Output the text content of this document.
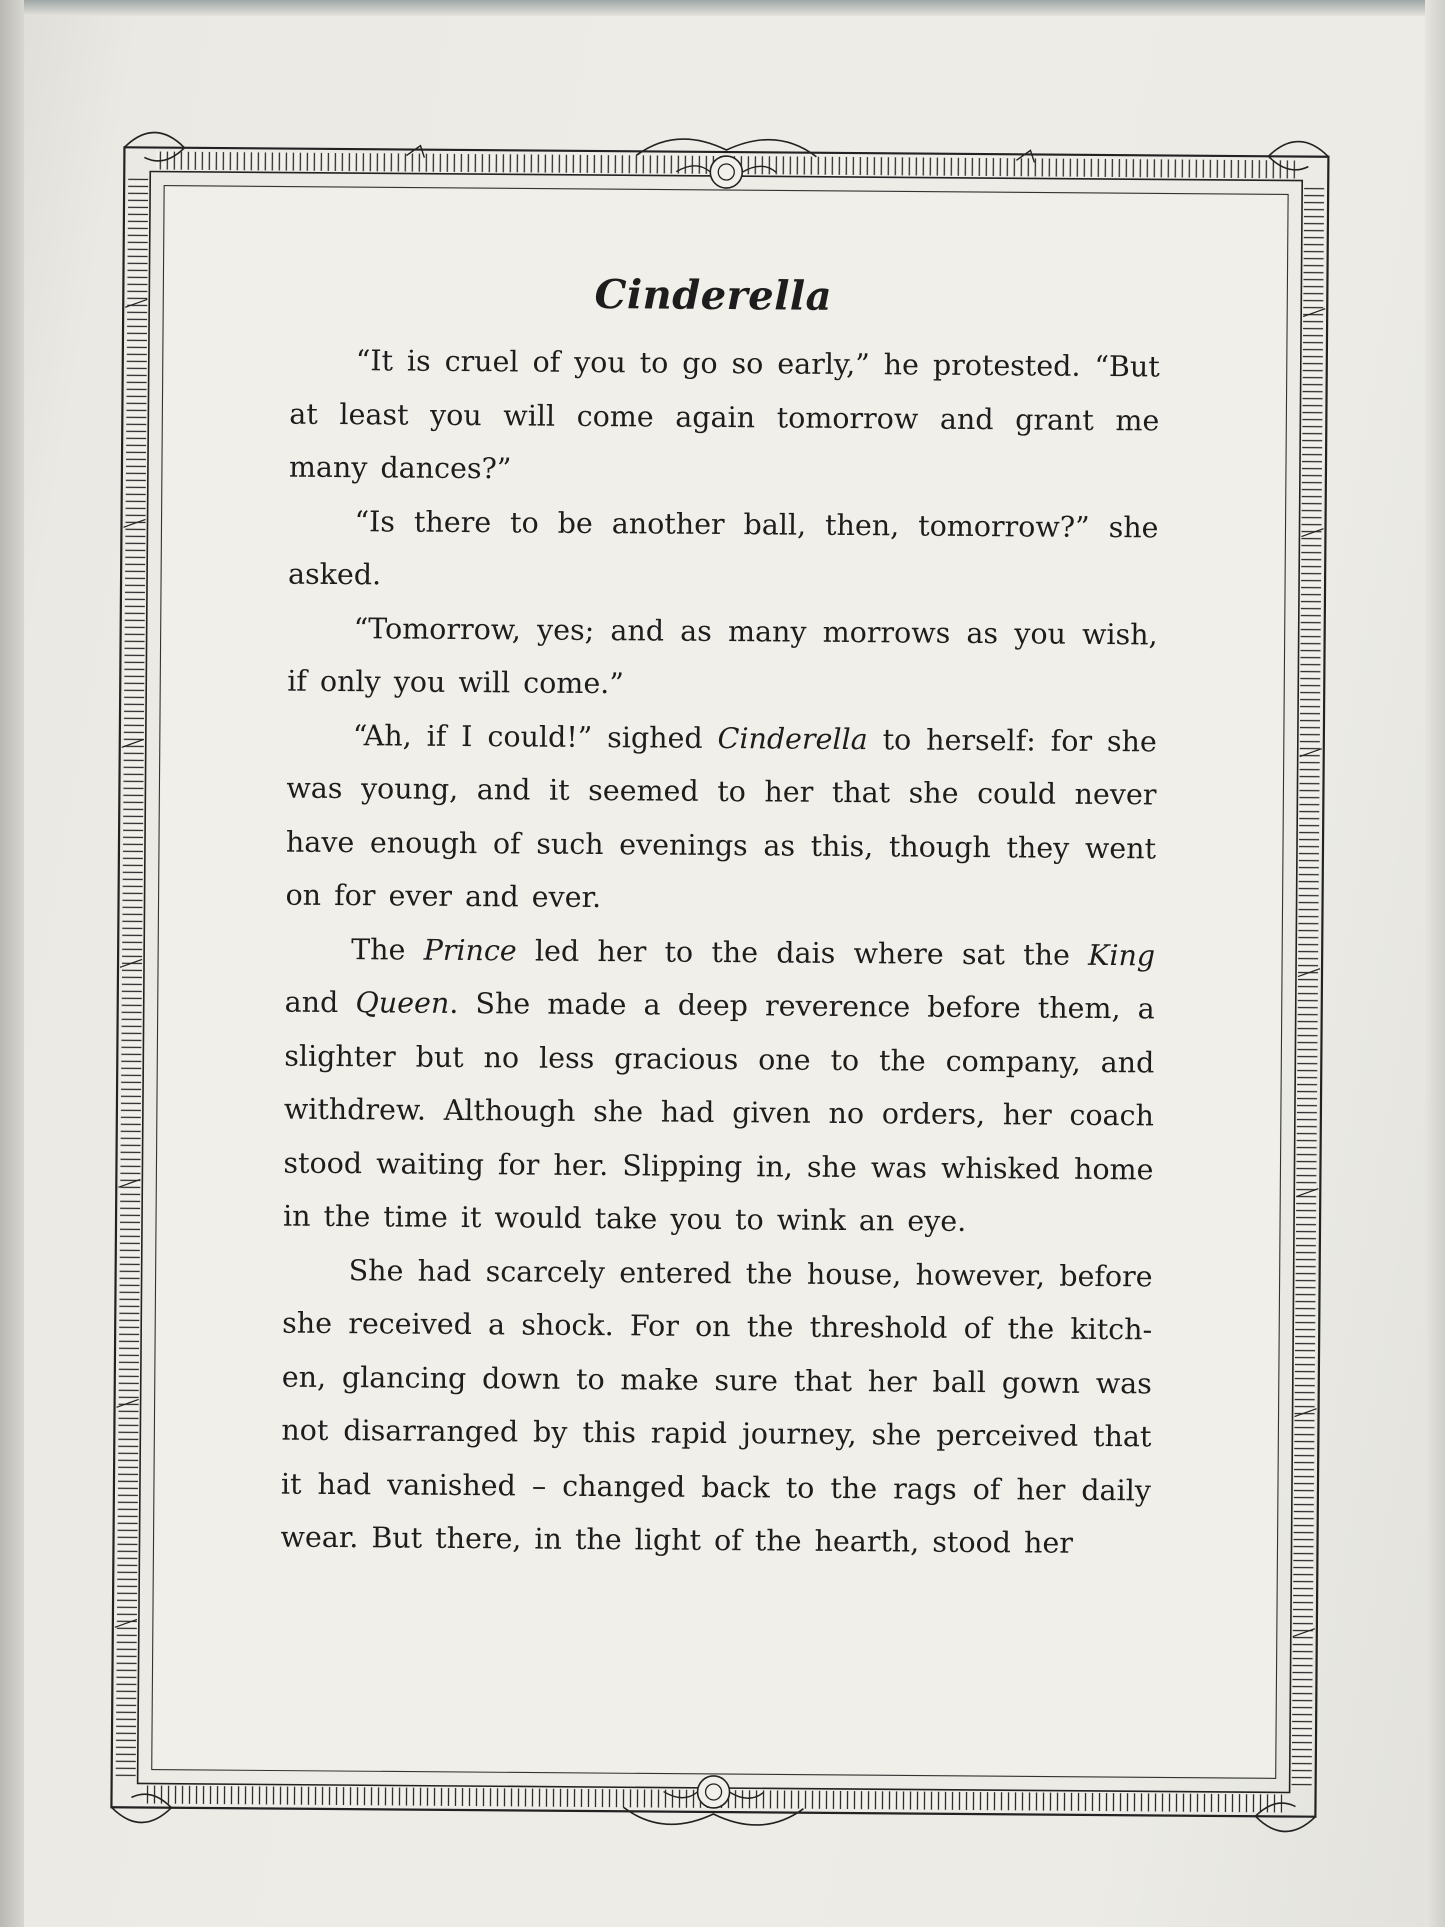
Cinderella

“It is cruel of you to go so early,” he protested. “But at least you will come again tomorrow and grant me many dances?”

“Is there to be another ball, then, tomorrow?” she asked.

“Tomorrow, yes; and as many morrows as you wish, if only you will come.”

“Ah, if I could!” sighed Cinderella to herself: for she was young, and it seemed to her that she could never have enough of such evenings as this, though they went on for ever and ever.

The Prince led her to the dais where sat the King and Queen. She made a deep reverence before them, a slighter but no less gracious one to the company, and withdrew. Although she had given no orders, her coach stood waiting for her. Slipping in, she was whisked home in the time it would take you to wink an eye.

She had scarcely entered the house, however, before she received a shock. For on the threshold of the kitch-en, glancing down to make sure that her ball gown was not disarranged by this rapid journey, she perceived that it had vanished – changed back to the rags of her daily wear. But there, in the light of the hearth, stood her
